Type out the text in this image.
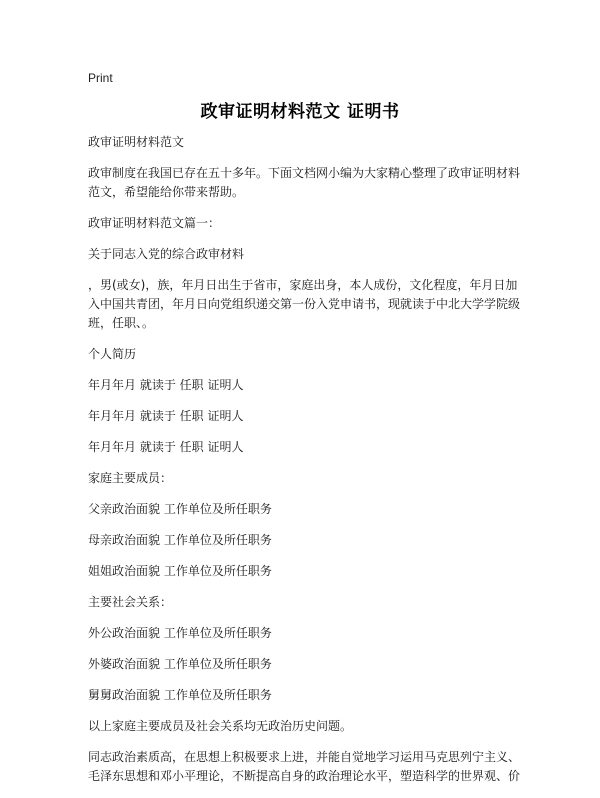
Print
政审证明材料范文 证明书

政审证明材料范文

政审制度在我国已存在五十多年。下面文档网小编为大家精心整理了政审证明材料范文，希望能给你带来帮助。

政审证明材料范文篇一：

关于同志入党的综合政审材料

，男(或女)，族，年月日出生于省市，家庭出身，本人成份，文化程度，年月日加入中国共青团，年月日向党组织递交第一份入党申请书，现就读于中北大学学院级班，任职、。

个人简历

年月年月 就读于 任职 证明人

年月年月 就读于 任职 证明人

年月年月 就读于 任职 证明人

家庭主要成员：

父亲政治面貌 工作单位及所任职务

母亲政治面貌 工作单位及所任职务

姐姐政治面貌 工作单位及所任职务

主要社会关系：

外公政治面貌 工作单位及所任职务

外婆政治面貌 工作单位及所任职务

舅舅政治面貌 工作单位及所任职务

以上家庭主要成员及社会关系均无政治历史问题。

同志政治素质高，在思想上积极要求上进，并能自觉地学习运用马克思列宁主义、毛泽东思想和邓小平理论，不断提高自身的政治理论水平，塑造科学的世界观、价
